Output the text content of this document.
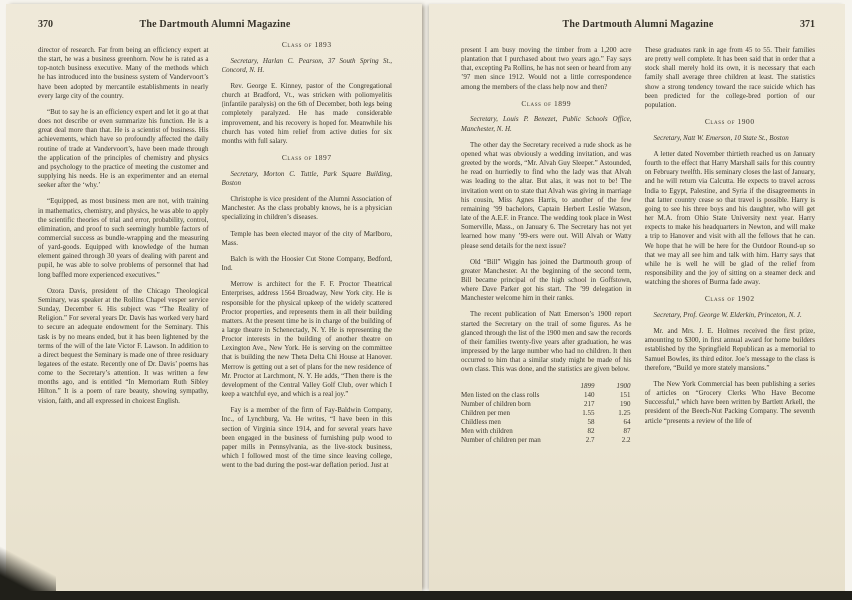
370	The Dartmouth Alumni Magazine

director of research. Far from being an efficiency expert at the start, he was a business greenhorn. Now he is rated as a top-notch business executive. Many of the methods which he has introduced into the business system of Vandervoort’s have been adopted by mercantile establishments in nearly every large city of the country.

“But to say he is an efficiency expert and let it go at that does not describe or even summarize his function. He is a great deal more than that. He is a scientist of business. His achievements, which have so profoundly affected the daily routine of trade at Vandervoort’s, have been made through the application of the principles of chemistry and physics and psychology to the practice of meeting the customer and supplying his needs. He is an experimenter and an eternal seeker after the ‘why.’

“Equipped, as most business men are not, with training in mathematics, chemistry, and physics, he was able to apply the scientific theories of trial and error, probability, control, elimination, and proof to such seemingly humble factors of commercial success as bundle-wrapping and the measuring of yard-goods. Equipped with knowledge of the human element gained through 30 years of dealing with parent and pupil, he was able to solve problems of personnel that had long baffled more experienced executives.”

Ozora Davis, president of the Chicago Theological Seminary, was speaker at the Rollins Chapel vesper service Sunday, December 6. His subject was “The Reality of Religion.” For several years Dr. Davis has worked very hard to secure an adequate endowment for the Seminary. This task is by no means ended, but it has been lightened by the terms of the will of the late Victor F. Lawson. In addition to a direct bequest the Seminary is made one of three residuary legatees of the estate. Recently one of Dr. Davis’ poems has come to the Secretary’s attention. It was written a few months ago, and is entitled “In Memoriam Ruth Sibley Hilton.” It is a poem of rare beauty, showing sympathy, vision, faith, and all expressed in choicest English.

Class of 1893

Secretary, Harlan C. Pearson, 37 South Spring St., Concord, N. H.

Rev. George E. Kinney, pastor of the Congregational church at Bradford, Vt., was stricken with poliomyelitis (infantile paralysis) on the 6th of December, both legs being completely paralyzed. He has made considerable improvement, and his recovery is hoped for. Meanwhile his church has voted him relief from active duties for six months with full salary.

Class of 1897

Secretary, Morton C. Tuttle, Park Square Building, Boston

Christophe is vice president of the Alumni Association of Manchester. As the class probably knows, he is a physician specializing in children’s diseases.

Temple has been elected mayor of the city of Marlboro, Mass.

Balch is with the Hoosier Cut Stone Company, Bedford, Ind.

Merrow is architect for the F. F. Proctor Theatrical Enterprises, address 1564 Broadway, New York city. He is responsible for the physical upkeep of the widely scattered Proctor properties, and represents them in all their building matters. At the present time he is in charge of the building of a large theatre in Schenectady, N. Y. He is representing the Proctor interests in the building of another theatre on Lexington Ave., New York. He is serving on the committee that is building the new Theta Delta Chi House at Hanover. Merrow is getting out a set of plans for the new residence of Mr. Proctor at Larchmont, N. Y. He adds, “Then there is the development of the Central Valley Golf Club, over which I keep a watchful eye, and which is a real joy.”

Fay is a member of the firm of Fay-Baldwin Company, Inc., of Lynchburg, Va. He writes, “I have been in this section of Virginia since 1914, and for several years have been engaged in the business of furnishing pulp wood to paper mills in Pennsylvania, as the live-stock business, which I followed most of the time since leaving college, went to the bad during the post-war deflation period. Just at

The Dartmouth Alumni Magazine	371

present I am busy moving the timber from a 1,200 acre plantation that I purchased about two years ago.” Fay says that, excepting Pa Rollins, he has not seen or heard from any ’97 men since 1912. Would not a little correspondence among the members of the class help now and then?

Class of 1899

Secretary, Louis P. Benezet, Public Schools Office, Manchester, N. H.

The other day the Secretary received a rude shock as he opened what was obviously a wedding invitation, and was greeted by the words, “Mr. Alvah Guy Sleeper.” Astounded, he read on hurriedly to find who the lady was that Alvah was leading to the altar. But alas, it was not to be! The invitation went on to state that Alvah was giving in marriage his cousin, Miss Agnes Harris, to another of the few remaining ’99 bachelors, Captain Herbert Leslie Watson, late of the A.E.F. in France. The wedding took place in West Somerville, Mass., on January 6. The Secretary has not yet learned how many ’99-ers were out. Will Alvah or Watty please send details for the next issue?

Old “Bill” Wiggin has joined the Dartmouth group of greater Manchester. At the beginning of the second term, Bill became principal of the high school in Goffstown, where Dave Parker got his start. The ’99 delegation in Manchester welcome him in their ranks.

The recent publication of Natt Emerson’s 1900 report started the Secretary on the trail of some figures. As he glanced through the list of the 1900 men and saw the records of their families twenty-five years after graduation, he was impressed by the large number who had no children. It then occurred to him that a similar study might be made of his own class. This was done, and the statistics are given below.

1899	1900
Men listed on the class rolls	140	151
Number of children born	217	190
Children per men	1.55	1.25
Childless men	58	64
Men with children	82	87
Number of children per man	2.7	2.2

These graduates rank in age from 45 to 55. Their families are pretty well complete. It has been said that in order that a stock shall merely hold its own, it is necessary that each family shall average three children at least. The statistics show a strong tendency toward the race suicide which has been predicted for the college-bred portion of our population.

Class of 1900

Secretary, Natt W. Emerson, 10 State St., Boston

A letter dated November thirtieth reached us on January fourth to the effect that Harry Marshall sails for this country on February twelfth. His seminary closes the last of January, and he will return via Calcutta. He expects to travel across India to Egypt, Palestine, and Syria if the disagreements in that latter country cease so that travel is possible. Harry is going to see his three boys and his daughter, who will get her M.A. from Ohio State University next year. Harry expects to make his headquarters in Newton, and will make a trip to Hanover and visit with all the fellows that he can. We hope that he will be here for the Outdoor Round-up so that we may all see him and talk with him. Harry says that while he is well he will be glad of the relief from responsibility and the joy of sitting on a steamer deck and watching the shores of Burma fade away.

Class of 1902

Secretary, Prof. George W. Elderkin, Princeton, N. J.

Mr. and Mrs. J. E. Holmes received the first prize, amounting to $300, in first annual award for home builders established by the Springfield Republican as a memorial to Samuel Bowles, its third editor. Joe’s message to the class is therefore, “Build ye more stately mansions.”

The New York Commercial has been publishing a series of articles on “Grocery Clerks Who Have Become Successful,” which have been written by Bartlett Arkell, the president of the Beech-Nut Packing Company. The seventh article “presents a review of the life of
